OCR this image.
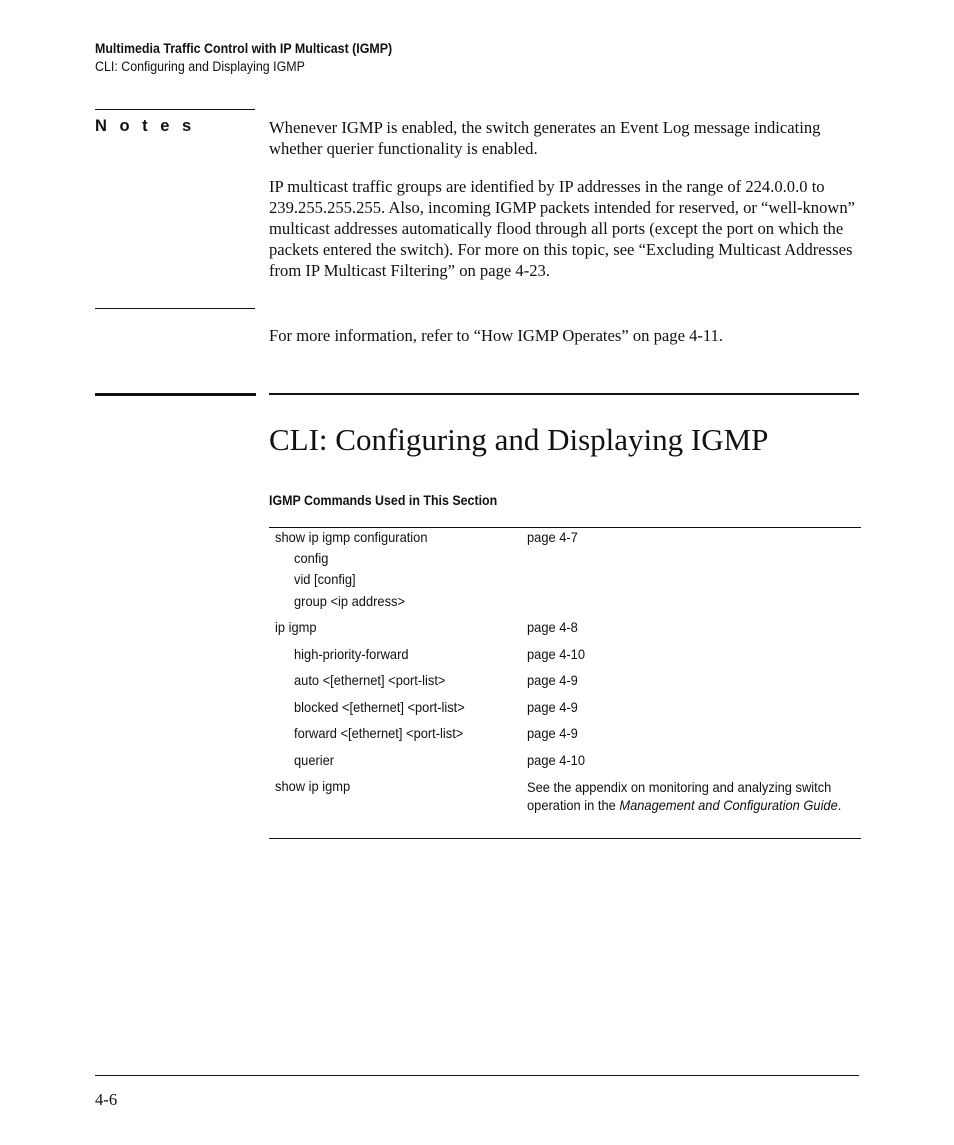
Multimedia Traffic Control with IP Multicast (IGMP)
CLI: Configuring and Displaying IGMP
N o t e s	Whenever IGMP is enabled, the switch generates an Event Log message indicating whether querier functionality is enabled.
IP multicast traffic groups are identified by IP addresses in the range of 224.0.0.0 to 239.255.255.255. Also, incoming IGMP packets intended for reserved, or “well-known” multicast addresses automatically flood through all ports (except the port on which the packets entered the switch). For more on this topic, see “Excluding Multicast Addresses from IP Multicast Filtering” on page 4-23.
For more information, refer to “How IGMP Operates” on page 4-11.
CLI: Configuring and Displaying IGMP
IGMP Commands Used in This Section
show ip igmp configuration	page 4-7
config
vid [config]
group <ip address>
ip igmp	page 4-8
high-priority-forward	page 4-10
auto <[ethernet] <port-list>	page 4-9
blocked <[ethernet] <port-list>	page 4-9
forward <[ethernet] <port-list>	page 4-9
querier	page 4-10
show ip igmp	See the appendix on monitoring and analyzing switch operation in the Management and Configuration Guide.
4-6
